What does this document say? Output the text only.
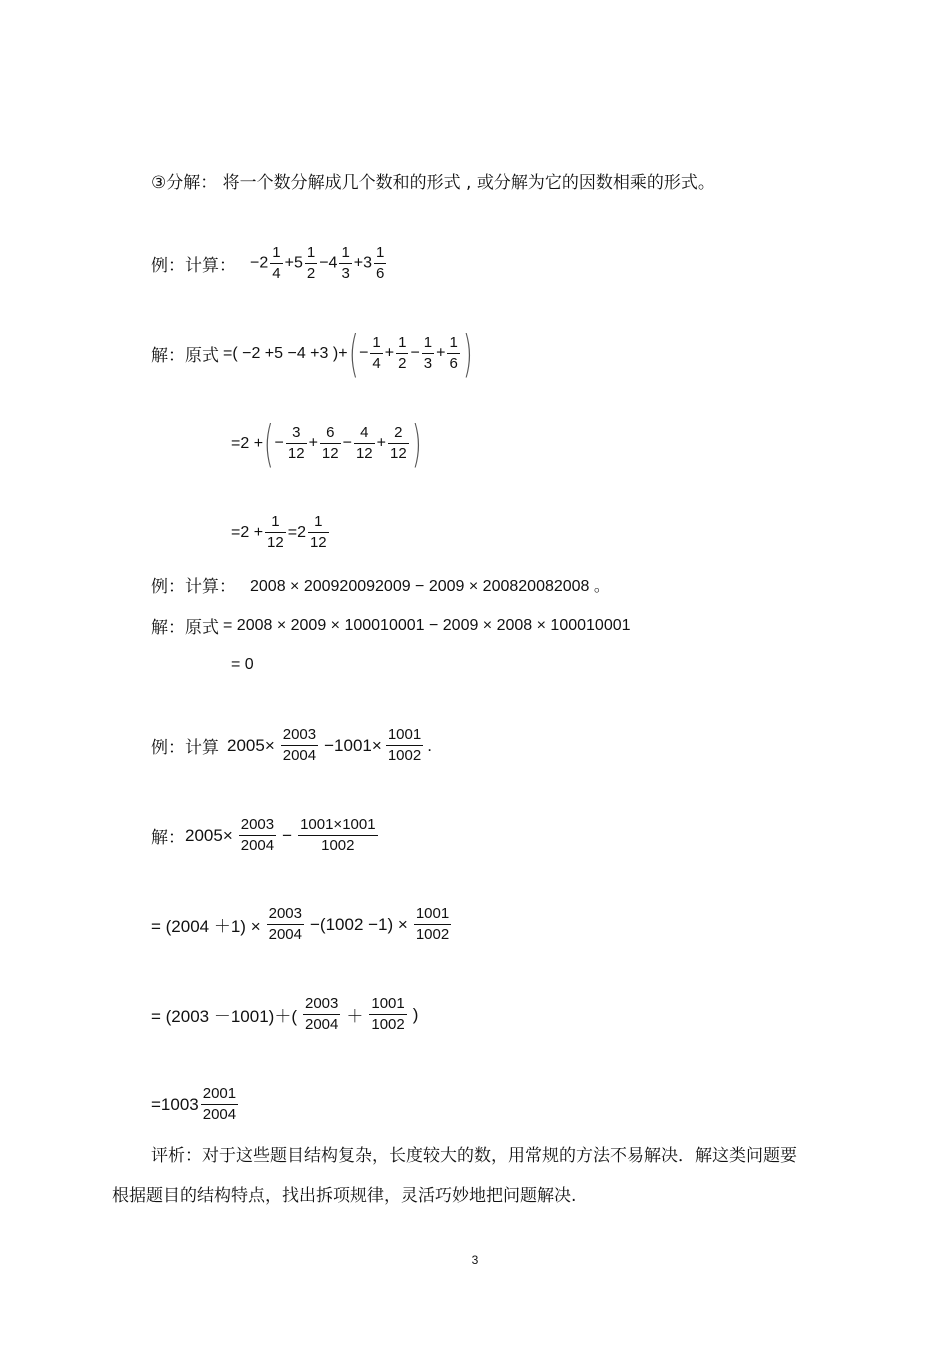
③分解： 将一个数分解成几个数和的形式 , 或分解为它的因数相乘的形式。
例：计算： $-2 \frac{1}{4} +5 \frac{1}{2} -4 \frac{1}{3} +3 \frac{1}{6}$
解：原式 =( −2 +5 −4 +3 )+ ( − $\frac{1}{4} + \frac{1}{2} - \frac{1}{3} + \frac{1}{6}$ )
=2 + ( − $\frac{3}{12} + \frac{6}{12} - \frac{4}{12} + \frac{2}{12}$ )
$=2 + \frac{1}{12} =2 \frac{1}{12}$
例：计算： 2008 × 200920092009 − 2009 × 200820082008 。
解：原式 = 2008 × 2009 × 100010001 − 2009 × 2008 × 100010001
= 0
例：计算 $2005\times \frac{2003}{2004} -1001\times \frac{1001}{1002}$ .
解： $2005\times \frac{2003}{2004} - \frac{1001\times 1001}{1002}$
= $(2004 +1) \times \frac{2003}{2004} -(1002 -1) \times \frac{1001}{1002}$
= $(2003 -1001)+( \frac{2003}{2004} + \frac{1001}{1002}$ )
$=1003 \frac{2001}{2004}$
评析：对于这些题目结构复杂，长度较大的数，用常规的方法不易解决．解这类问题要根据题目的结构特点，找出拆项规律，灵活巧妙地把问题解决.
3
